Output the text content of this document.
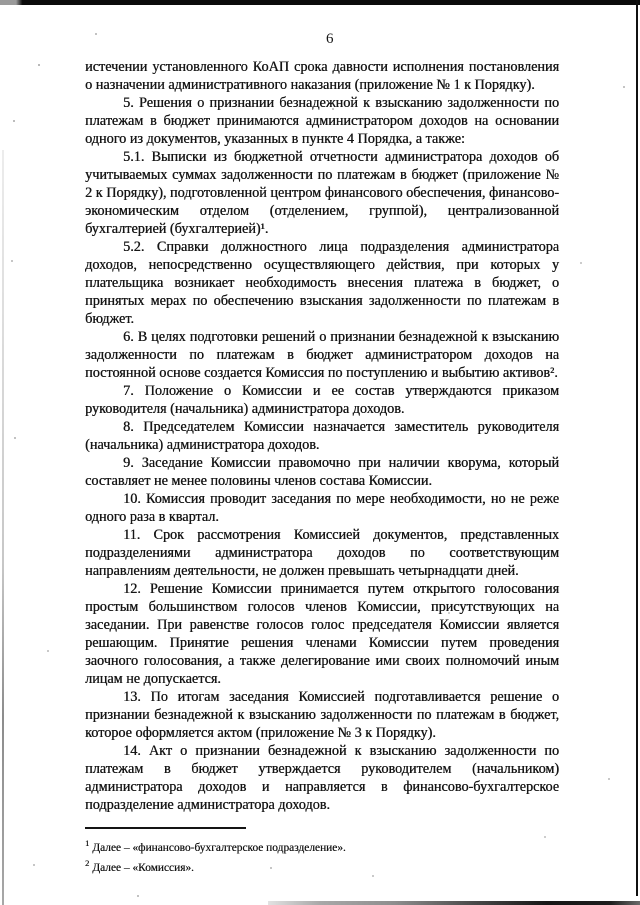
6

истечении установленного КоАП срока давности исполнения постановления о назначении административного наказания (приложение № 1 к Порядку).

5. Решения о признании безнадежной к взысканию задолженности по платежам в бюджет принимаются администратором доходов на основании одного из документов, указанных в пункте 4 Порядка, а также:

5.1. Выписки из бюджетной отчетности администратора доходов об учитываемых суммах задолженности по платежам в бюджет (приложение № 2 к Порядку), подготовленной центром финансового обеспечения, финансово-экономическим отделом (отделением, группой), централизованной бухгалтерией (бухгалтерией)¹.

5.2. Справки должностного лица подразделения администратора доходов, непосредственно осуществляющего действия, при которых у плательщика возникает необходимость внесения платежа в бюджет, о принятых мерах по обеспечению взыскания задолженности по платежам в бюджет.

6. В целях подготовки решений о признании безнадежной к взысканию задолженности по платежам в бюджет администратором доходов на постоянной основе создается Комиссия по поступлению и выбытию активов².

7. Положение о Комиссии и ее состав утверждаются приказом руководителя (начальника) администратора доходов.

8. Председателем Комиссии назначается заместитель руководителя (начальника) администратора доходов.

9. Заседание Комиссии правомочно при наличии кворума, который составляет не менее половины членов состава Комиссии.

10. Комиссия проводит заседания по мере необходимости, но не реже одного раза в квартал.

11. Срок рассмотрения Комиссией документов, представленных подразделениями администратора доходов по соответствующим направлениям деятельности, не должен превышать четырнадцати дней.

12. Решение Комиссии принимается путем открытого голосования простым большинством голосов членов Комиссии, присутствующих на заседании. При равенстве голосов голос председателя Комиссии является решающим. Принятие решения членами Комиссии путем проведения заочного голосования, а также делегирование ими своих полномочий иным лицам не допускается.

13. По итогам заседания Комиссией подготавливается решение о признании безнадежной к взысканию задолженности по платежам в бюджет, которое оформляется актом (приложение № 3 к Порядку).

14. Акт о признании безнадежной к взысканию задолженности по платежам в бюджет утверждается руководителем (начальником) администратора доходов и направляется в финансово-бухгалтерское подразделение администратора доходов.

$^1$ Далее – «финансово-бухгалтерское подразделение».
$^2$ Далее – «Комиссия».
